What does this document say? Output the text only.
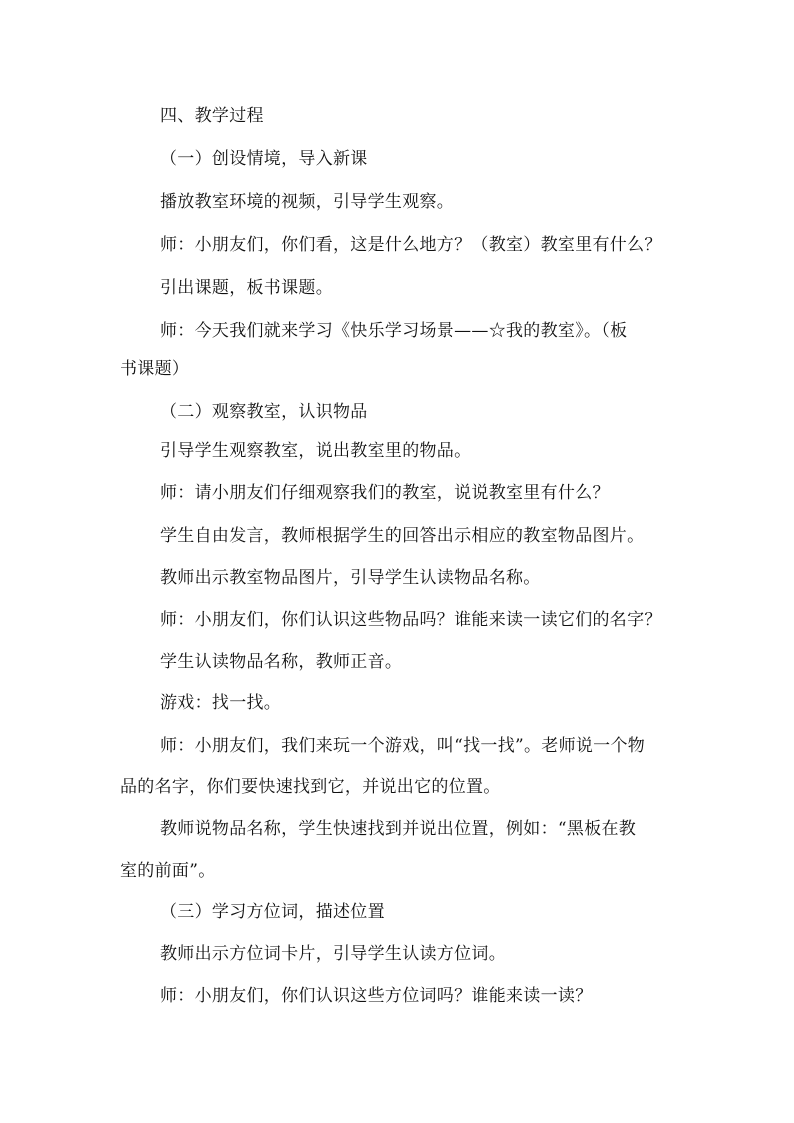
四、教学过程
（一）创设情境，导入新课
播放教室环境的视频，引导学生观察。
师：小朋友们，你们看，这是什么地方？（教室）教室里有什么？
引出课题，板书课题。
师：今天我们就来学习《快乐学习场景——☆我的教室》。（板
书课题）
（二）观察教室，认识物品
引导学生观察教室，说出教室里的物品。
师：请小朋友们仔细观察我们的教室，说说教室里有什么？
学生自由发言，教师根据学生的回答出示相应的教室物品图片。
教师出示教室物品图片，引导学生认读物品名称。
师：小朋友们，你们认识这些物品吗？谁能来读一读它们的名字？
学生认读物品名称，教师正音。
游戏：找一找。
师：小朋友们，我们来玩一个游戏，叫“找一找”。老师说一个物
品的名字，你们要快速找到它，并说出它的位置。
教师说物品名称，学生快速找到并说出位置，例如：“黑板在教
室的前面”。
（三）学习方位词，描述位置
教师出示方位词卡片，引导学生认读方位词。
师：小朋友们，你们认识这些方位词吗？谁能来读一读？
